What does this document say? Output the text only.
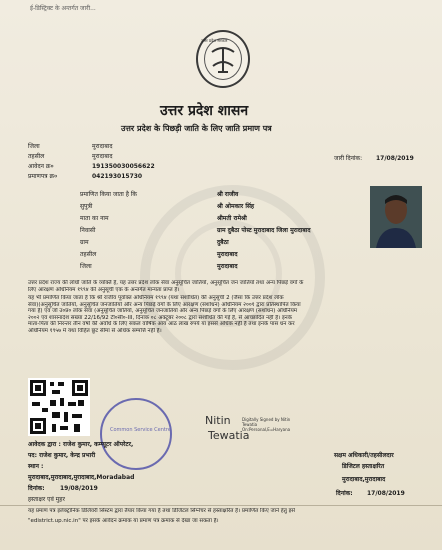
ई-डिस्ट्रिक्ट के अन्तर्गत जारी...
उत्तर प्रदेश सरकार
उत्तर प्रदेश शासन
उत्तर प्रदेश के पिछड़ी जाति के लिए जाति प्रमाण पत्र
जिला	मुरादाबाद
तहसील	मुरादाबाद
आवेदन क्र०	191350030056622
प्रमाणपत्र क्र०	042193015730
जारी दिनांक: 17/08/2019
प्रमाणित किया जाता है कि	श्री राजीव
सुपुत्री	श्री ओमकार सिंह
माता का नाम	श्रीमती रामेश्री
निवासी	ग्राम दुबैठा पोस्ट मुरादाबाद जिला मुरादाबाद
ग्राम	दुबैठा
तहसील	मुरादाबाद
जिला	मुरादाबाद
उत्तर प्रदेश राज्य की लोधी जाति के व्यक्ति है, यह उत्तर प्रदेश लोक सेवा अनुसूचित जातियों, अनुसूचित जन जातियों तथा अन्य पिछड़े वर्गों के
लिए आरक्षण अधिनियम १९९४ की अनुसूची एक के अन्तर्गत मान्यता प्राप्त है।
यह भी प्रमाणित किया जाता है कि श्री राजीव पूर्वोक्त अधिनियम १९९४ (यथा संशोधित) की अनुसूची 2 (जैसा कि उत्तर प्रदेश लोक
सेवा)(अनुसूचित जातियों, अनुसूचित जनजातियों और अन्य पिछड़े वर्गों के लिए आरक्षण (संशोधन) अधिनियम २००१ द्वारा प्रतिस्थापित किया
गया है) एवं जो उ०प्र० लोक सेवा (अनुसूचित जातियों, अनुसूचित जनजातियों और अन्य पिछड़े वर्गों के लिए आरक्षण (संशोधन) अधिनियम
२००२ एवं शासनादेश संख्या 22/16/92 टी०सी०-III, दिनांक ०८ अक्टूबर २००८ द्वारा संशोधित की गई है, से आच्छादित नहीं है। इनके
माता-पिता की निरन्तर तीन वर्षो की अवधि के लिए सकल वार्षिक आय आठ लाख रुपये या इससे अधिक नहीं है तथा इनके पास धन कर
अधिनियम १९५७ में यथा विहित छूट सीमा से अधिक सम्पत्ति नहीं है।
Common Service Centre
Nitin
Tewatia
Digitally Signed by Nitin Tewatia On:Personal,E=Haryana
आवेदक द्वारा : राजेश कुमार, कम्प्यूटर ऑपरेटर,
पद: राजेश कुमार, केन्द्र प्रभारी
स्थान :
मुरादाबाद,मुरादाबाद,मुरादाबाद,Moradabad
दिनांक:	19/08/2019
हस्ताक्षर एवं मुहर
सक्षम अधिकारी/तहसीलदार
डिजिटल हस्ताक्षरित
मुरादाबाद,मुरादाबाद
दिनांक: 17/08/2019
यह प्रमाण पत्र इलेक्ट्रॉनिक डिलिवरी सिस्टम द्वारा तैयार किया गया है तथा डिजिटल सिग्नेचर से हस्ताक्षरित है। प्रमाणित किए जाने हेतु इसे
"edistrict.up.nic.in" पर इसके आवेदन क्रमांक या प्रमाण पत्र क्रमांक से देखा जा सकता है।
